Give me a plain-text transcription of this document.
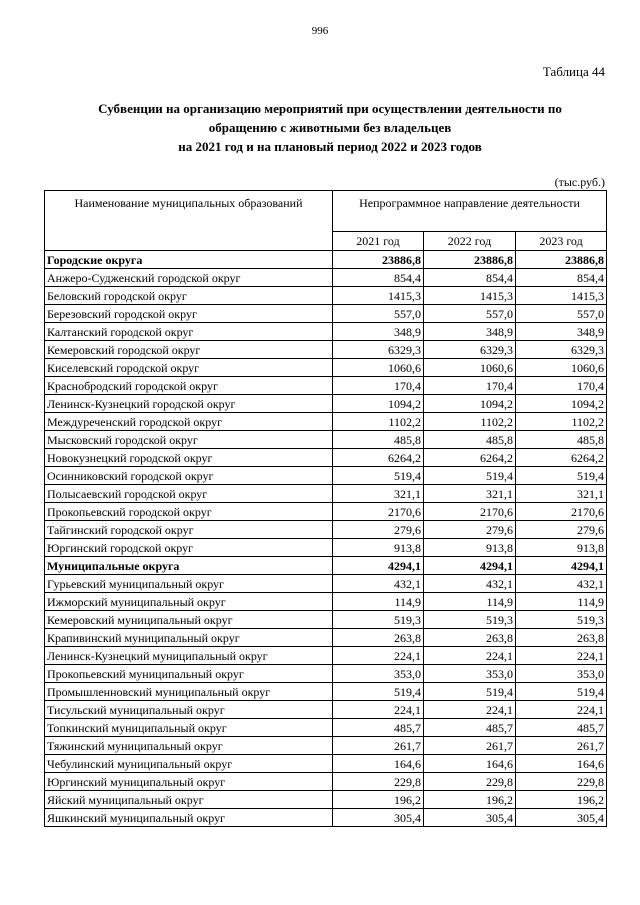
996
Таблица 44
Субвенции на организацию мероприятий при осуществлении деятельности по
обращению с животными без владельцев
на 2021 год и на плановый период 2022 и 2023 годов
(тыс.руб.)
Наименование муниципальных образований	Непрограммное направление деятельности		
	2021 год	2022 год	2023 год
Городские округа	23886,8	23886,8	23886,8
Анжеро-Судженский городской округ	854,4	854,4	854,4
Беловский городской округ	1415,3	1415,3	1415,3
Березовский городской округ	557,0	557,0	557,0
Калтанский городской округ	348,9	348,9	348,9
Кемеровский городской округ	6329,3	6329,3	6329,3
Киселевский городской округ	1060,6	1060,6	1060,6
Краснобродский городской округ	170,4	170,4	170,4
Ленинск-Кузнецкий городской округ	1094,2	1094,2	1094,2
Междуреченский городской округ	1102,2	1102,2	1102,2
Мысковский городской округ	485,8	485,8	485,8
Новокузнецкий городской округ	6264,2	6264,2	6264,2
Осинниковский городской округ	519,4	519,4	519,4
Полысаевский городской округ	321,1	321,1	321,1
Прокопьевский городской округ	2170,6	2170,6	2170,6
Тайгинский городской округ	279,6	279,6	279,6
Юргинский городской округ	913,8	913,8	913,8
Муниципальные округа	4294,1	4294,1	4294,1
Гурьевский муниципальный округ	432,1	432,1	432,1
Ижморский муниципальный округ	114,9	114,9	114,9
Кемеровский муниципальный округ	519,3	519,3	519,3
Крапивинский муниципальный округ	263,8	263,8	263,8
Ленинск-Кузнецкий муниципальный округ	224,1	224,1	224,1
Прокопьевский муниципальный округ	353,0	353,0	353,0
Промышленновский муниципальный округ	519,4	519,4	519,4
Тисульский муниципальный округ	224,1	224,1	224,1
Топкинский муниципальный округ	485,7	485,7	485,7
Тяжинский муниципальный округ	261,7	261,7	261,7
Чебулинский муниципальный округ	164,6	164,6	164,6
Юргинский муниципальный округ	229,8	229,8	229,8
Яйский муниципальный округ	196,2	196,2	196,2
Яшкинский муниципальный округ	305,4	305,4	305,4
